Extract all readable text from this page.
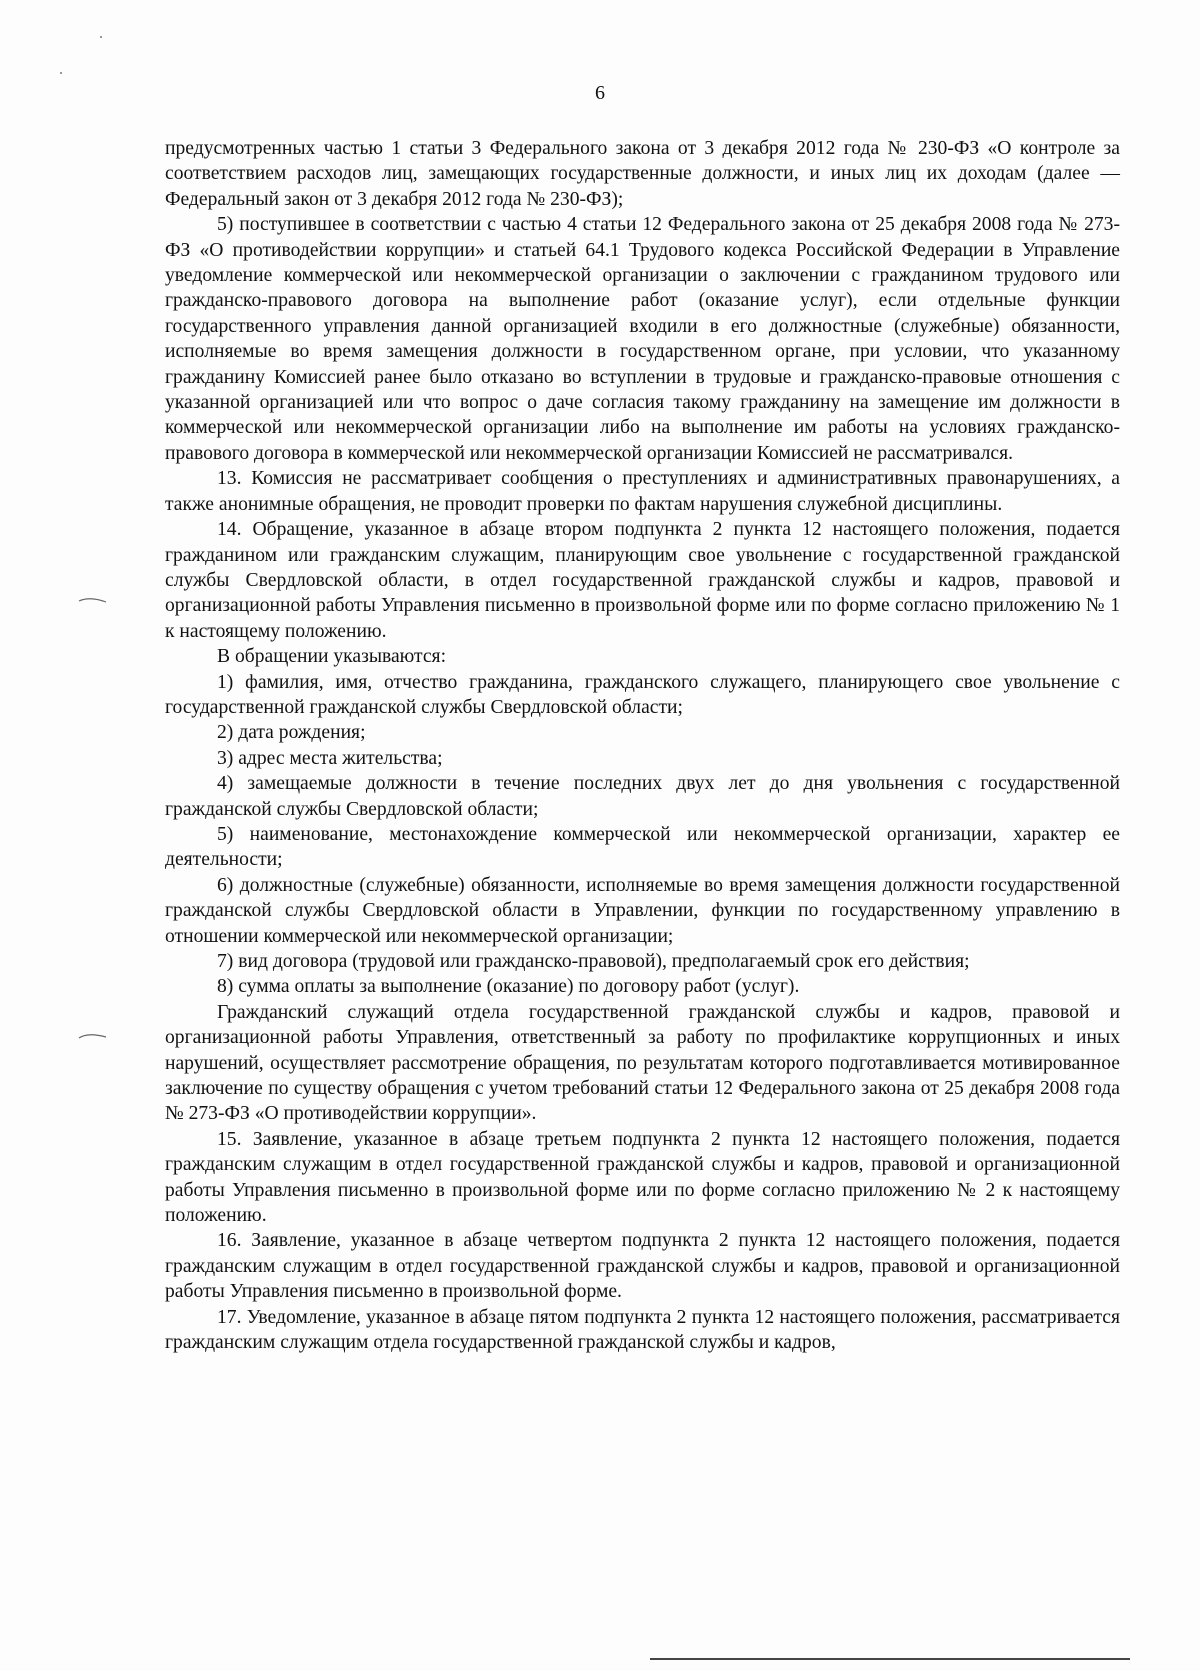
6

предусмотренных частью 1 статьи 3 Федерального закона от 3 декабря 2012 года № 230-ФЗ «О контроле за соответствием расходов лиц, замещающих государственные должности, и иных лиц их доходам (далее — Федеральный закон от 3 декабря 2012 года № 230-ФЗ);

5) поступившее в соответствии с частью 4 статьи 12 Федерального закона от 25 декабря 2008 года № 273-ФЗ «О противодействии коррупции» и статьей 64.1 Трудового кодекса Российской Федерации в Управление уведомление коммерческой или некоммерческой организации о заключении с гражданином трудового или гражданско-правового договора на выполнение работ (оказание услуг), если отдельные функции государственного управления данной организацией входили в его должностные (служебные) обязанности, исполняемые во время замещения должности в государственном органе, при условии, что указанному гражданину Комиссией ранее было отказано во вступлении в трудовые и гражданско-правовые отношения с указанной организацией или что вопрос о даче согласия такому гражданину на замещение им должности в коммерческой или некоммерческой организации либо на выполнение им работы на условиях гражданско-правового договора в коммерческой или некоммерческой организации Комиссией не рассматривался.

13. Комиссия не рассматривает сообщения о преступлениях и административных правонарушениях, а также анонимные обращения, не проводит проверки по фактам нарушения служебной дисциплины.

14. Обращение, указанное в абзаце втором подпункта 2 пункта 12 настоящего положения, подается гражданином или гражданским служащим, планирующим свое увольнение с государственной гражданской службы Свердловской области, в отдел государственной гражданской службы и кадров, правовой и организационной работы Управления письменно в произвольной форме или по форме согласно приложению № 1 к настоящему положению.

В обращении указываются:

1) фамилия, имя, отчество гражданина, гражданского служащего, планирующего свое увольнение с государственной гражданской службы Свердловской области;

2) дата рождения;

3) адрес места жительства;

4) замещаемые должности в течение последних двух лет до дня увольнения с государственной гражданской службы Свердловской области;

5) наименование, местонахождение коммерческой или некоммерческой организации, характер ее деятельности;

6) должностные (служебные) обязанности, исполняемые во время замещения должности государственной гражданской службы Свердловской области в Управлении, функции по государственному управлению в отношении коммерческой или некоммерческой организации;

7) вид договора (трудовой или гражданско-правовой), предполагаемый срок его действия;

8) сумма оплаты за выполнение (оказание) по договору работ (услуг).

Гражданский служащий отдела государственной гражданской службы и кадров, правовой и организационной работы Управления, ответственный за работу по профилактике коррупционных и иных нарушений, осуществляет рассмотрение обращения, по результатам которого подготавливается мотивированное заключение по существу обращения с учетом требований статьи 12 Федерального закона от 25 декабря 2008 года № 273-ФЗ «О противодействии коррупции».

15. Заявление, указанное в абзаце третьем подпункта 2 пункта 12 настоящего положения, подается гражданским служащим в отдел государственной гражданской службы и кадров, правовой и организационной работы Управления письменно в произвольной форме или по форме согласно приложению № 2 к настоящему положению.

16. Заявление, указанное в абзаце четвертом подпункта 2 пункта 12 настоящего положения, подается гражданским служащим в отдел государственной гражданской службы и кадров, правовой и организационной работы Управления письменно в произвольной форме.

17. Уведомление, указанное в абзаце пятом подпункта 2 пункта 12 настоящего положения, рассматривается гражданским служащим отдела государственной гражданской службы и кадров,
